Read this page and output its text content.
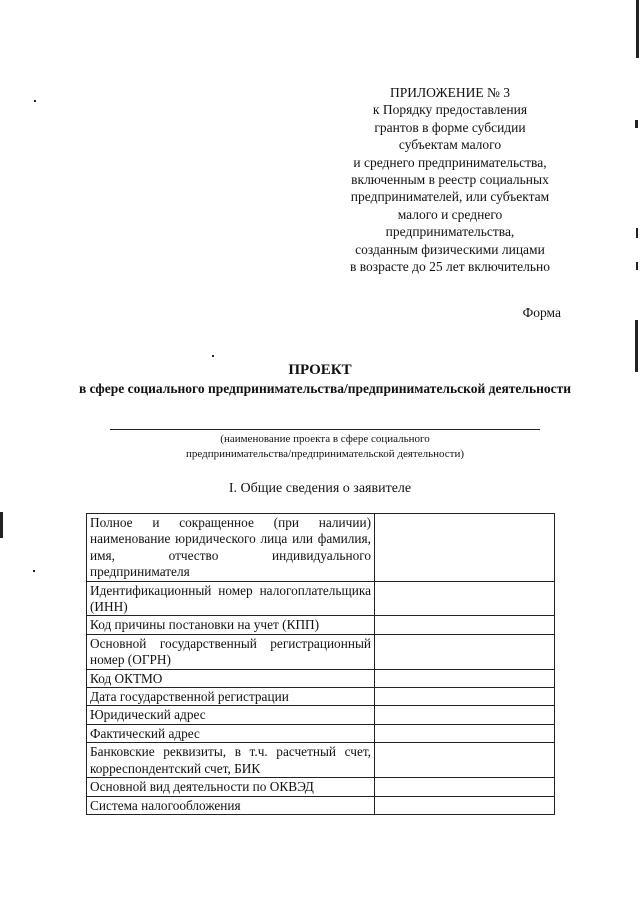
ПРИЛОЖЕНИЕ № 3
к Порядку предоставления
грантов в форме субсидии
субъектам малого
и среднего предпринимательства,
включенным в реестр социальных
предпринимателей, или субъектам
малого и среднего
предпринимательства,
созданным физическими лицами
в возрасте до 25 лет включительно
Форма
ПРОЕКТ
в сфере социального предпринимательства/предпринимательской деятельности
(наименование проекта в сфере социального
предпринимательства/предпринимательской деятельности)
I. Общие сведения о заявителе
Полное и сокращенное (при наличии) наименование юридического лица или фамилия, имя, отчество индивидуального предпринимателя	
Идентификационный номер налогоплательщика (ИНН)	
Код причины постановки на учет (КПП)	
Основной государственный регистрационный номер (ОГРН)	
Код ОКТМО	
Дата государственной регистрации	
Юридический адрес	
Фактический адрес	
Банковские реквизиты, в т.ч. расчетный счет, корреспондентский счет, БИК	
Основной вид деятельности по ОКВЭД	
Система налогообложения	
